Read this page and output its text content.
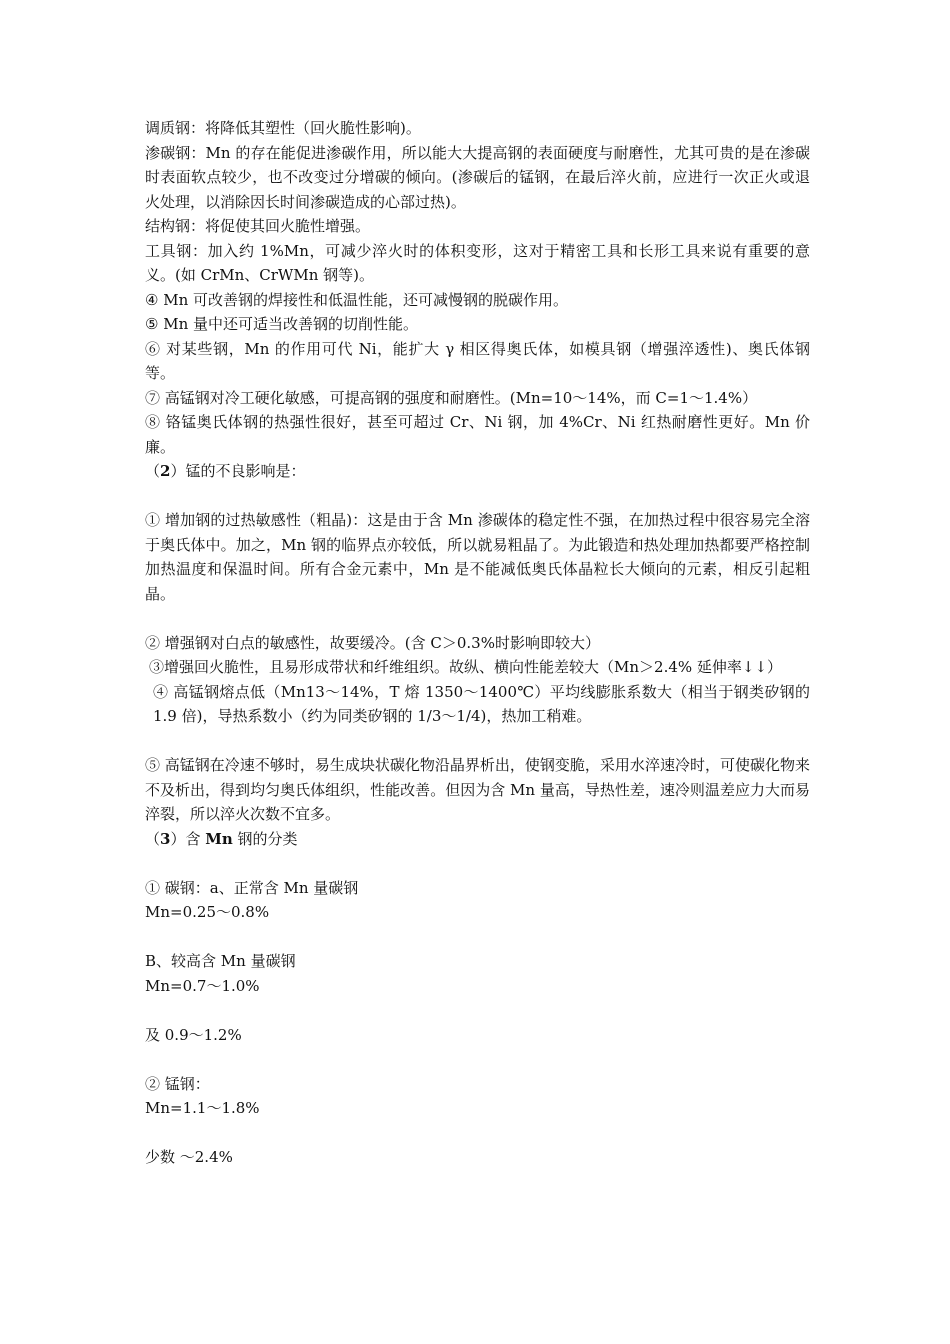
调质钢：将降低其塑性（回火脆性影响)。

渗碳钢：Mn 的存在能促进渗碳作用，所以能大大提高钢的表面硬度与耐磨性，尤其可贵的是在渗碳时表面软点较少，也不改变过分增碳的倾向。(渗碳后的锰钢，在最后淬火前，应进行一次正火或退火处理，以消除因长时间渗碳造成的心部过热)。

结构钢：将促使其回火脆性增强。

工具钢：加入约 1%Mn，可减少淬火时的体积变形，这对于精密工具和长形工具来说有重要的意义。(如 CrMn、CrWMn 钢等)。

④ Mn 可改善钢的焊接性和低温性能，还可减慢钢的脱碳作用。

⑤ Mn 量中还可适当改善钢的切削性能。

⑥ 对某些钢，Mn 的作用可代 Ni，能扩大 γ 相区得奥氏体，如模具钢（增强淬透性)、奥氏体钢等。

⑦ 高锰钢对冷工硬化敏感，可提高钢的强度和耐磨性。(Mn=10～14%，而 C=1～1.4%）

⑧ 铬锰奥氏体钢的热强性很好，甚至可超过 Cr、Ni 钢，加 4%Cr、Ni 红热耐磨性更好。Mn 价廉。

（2）锰的不良影响是：

① 增加钢的过热敏感性（粗晶)：这是由于含 Mn 渗碳体的稳定性不强，在加热过程中很容易完全溶于奥氏体中。加之，Mn 钢的临界点亦较低，所以就易粗晶了。为此锻造和热处理加热都要严格控制加热温度和保温时间。所有合金元素中，Mn 是不能减低奥氏体晶粒长大倾向的元素，相反引起粗晶。

② 增强钢对白点的敏感性，故要缓冷。(含 C＞0.3%时影响即较大）

③增强回火脆性，且易形成带状和纤维组织。故纵、横向性能差较大（Mn＞2.4% 延伸率↓↓）

④ 高锰钢熔点低（Mn13～14%，T 熔 1350～1400℃）平均线膨胀系数大（相当于钢类矽钢的 1.9 倍)，导热系数小（约为同类矽钢的 1/3～1/4)，热加工稍难。

⑤ 高锰钢在冷速不够时，易生成块状碳化物沿晶界析出，使钢变脆，采用水淬速冷时，可使碳化物来不及析出，得到均匀奥氏体组织，性能改善。但因为含 Mn 量高，导热性差，速冷则温差应力大而易淬裂，所以淬火次数不宜多。

（3）含 Mn 钢的分类

① 碳钢：a、正常含 Mn 量碳钢

Mn=0.25～0.8%

B、较高含 Mn 量碳钢

Mn=0.7～1.0%

及 0.9～1.2%

② 锰钢：

Mn=1.1～1.8%

少数 ～2.4%
